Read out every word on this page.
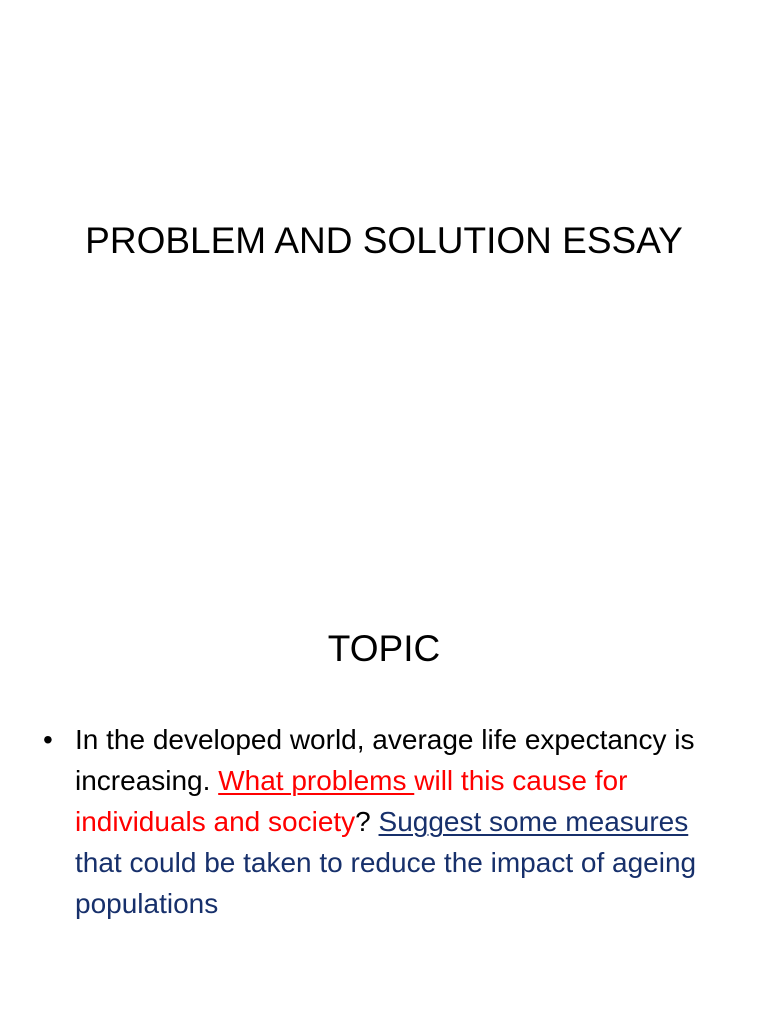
PROBLEM AND SOLUTION ESSAY
TOPIC
• In the developed world, average life expectancy is increasing. What problems will this cause for individuals and society? Suggest some measures that could be taken to reduce the impact of ageing populations
